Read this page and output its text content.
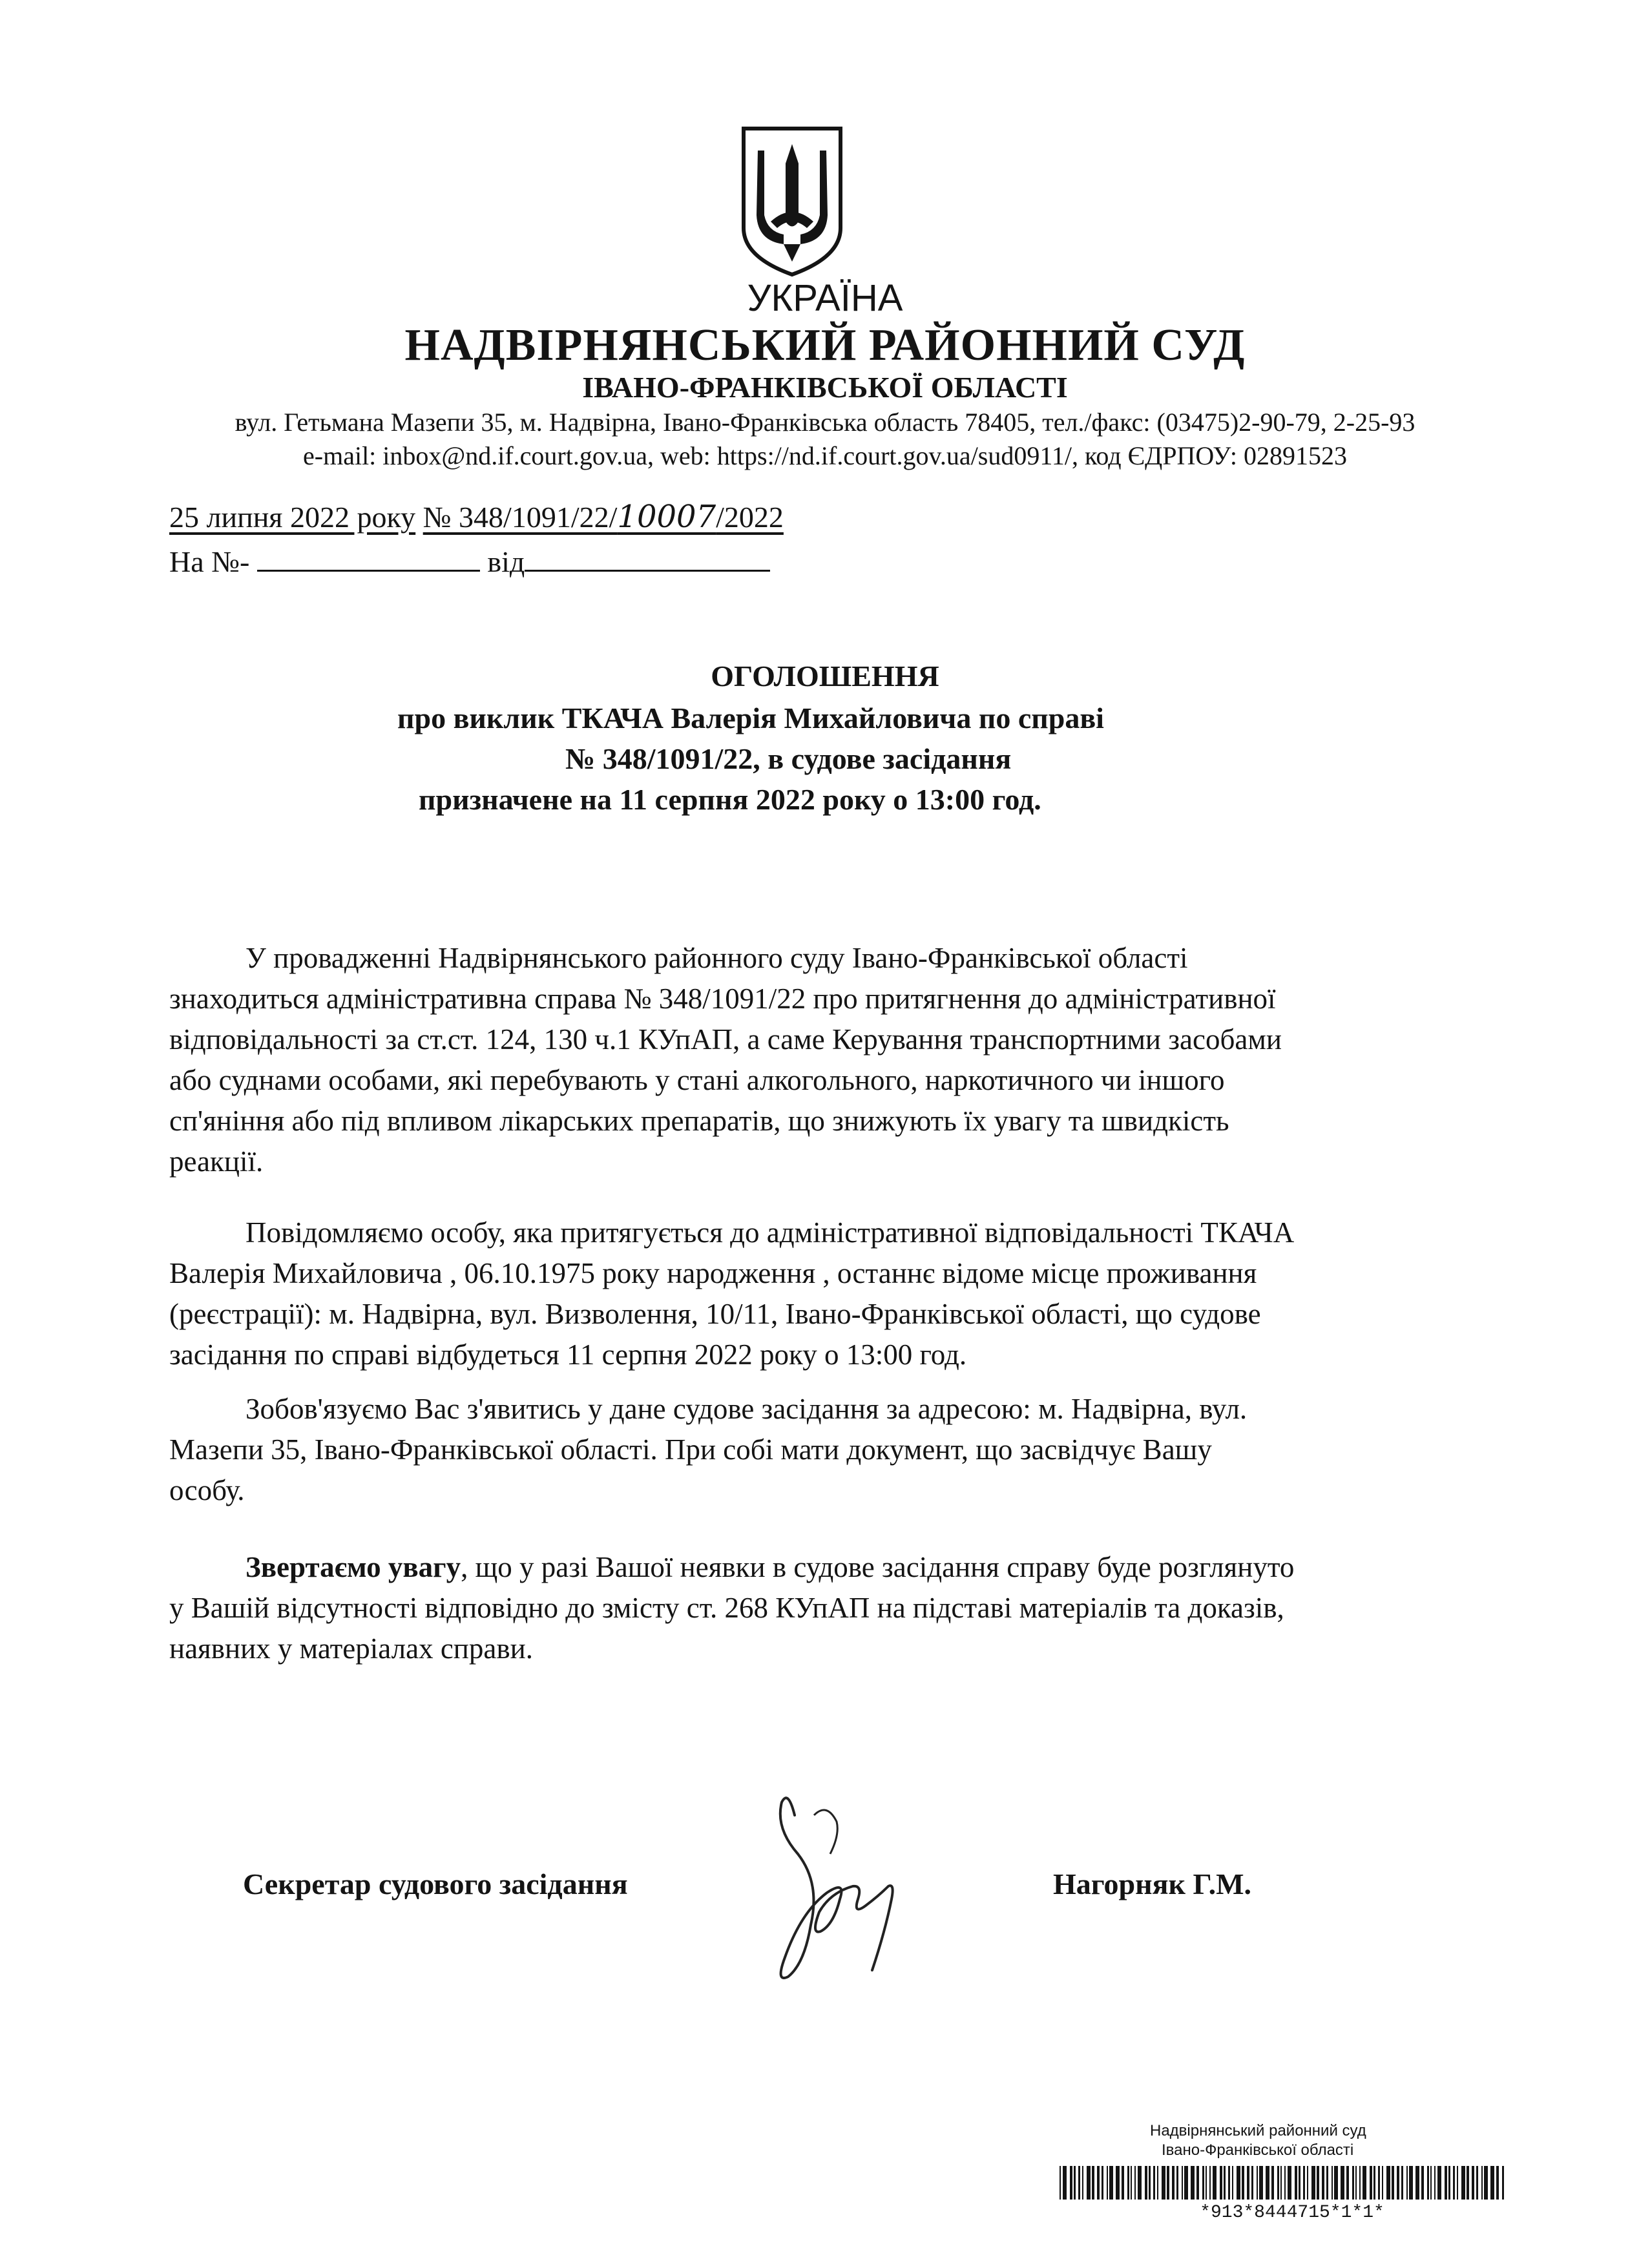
УКРАЇНА
НАДВІРНЯНСЬКИЙ РАЙОННИЙ СУД
ІВАНО-ФРАНКІВСЬКОЇ ОБЛАСТІ
вул. Гетьмана Мазепи 35, м. Надвірна, Івано-Франківська область 78405, тел./факс: (03475)2-90-79, 2-25-93
e-mail: inbox@nd.if.court.gov.ua, web: https://nd.if.court.gov.ua/sud0911/, код ЄДРПОУ: 02891523
25 липня 2022 року № 348/1091/22/10007/2022
На №-	від
ОГОЛОШЕННЯ
про виклик ТКАЧА Валерія Михайловича по справі
№ 348/1091/22, в судове засідання
призначене на 11 серпня 2022 року о 13:00 год.

У провадженні Надвірнянського районного суду Івано-Франківської області

знаходиться адміністративна справа № 348/1091/22 про притягнення до адміністративної

відповідальності за ст.ст. 124, 130 ч.1 КУпАП, а саме Керування транспортними засобами

або суднами особами, які перебувають у стані алкогольного, наркотичного чи іншого

сп'яніння або під впливом лікарських препаратів, що знижують їх увагу та швидкість

реакції.

Повідомляємо особу, яка притягується до адміністративної відповідальності ТКАЧА

Валерія Михайловича , 06.10.1975 року народження , останнє відоме місце проживання

(реєстрації): м. Надвірна, вул. Визволення, 10/11, Івано-Франківської області, що судове

засідання по справі відбудеться 11 серпня 2022 року о 13:00 год.

Зобов'язуємо Вас з'явитись у дане судове засідання за адресою: м. Надвірна, вул.

Мазепи 35, Івано-Франківської області. При собі мати документ, що засвідчує Вашу

особу.

Звертаємо увагу, що у разі Вашої неявки в судове засідання справу буде розглянуто

у Вашій відсутності відповідно до змісту ст. 268 КУпАП на підставі матеріалів та доказів,

наявних у матеріалах справи.

Секретар судового засідання	Нагорняк Г.М.
Надвірнянський районний суд
Івано-Франківської області
*913*8444715*1*1*
